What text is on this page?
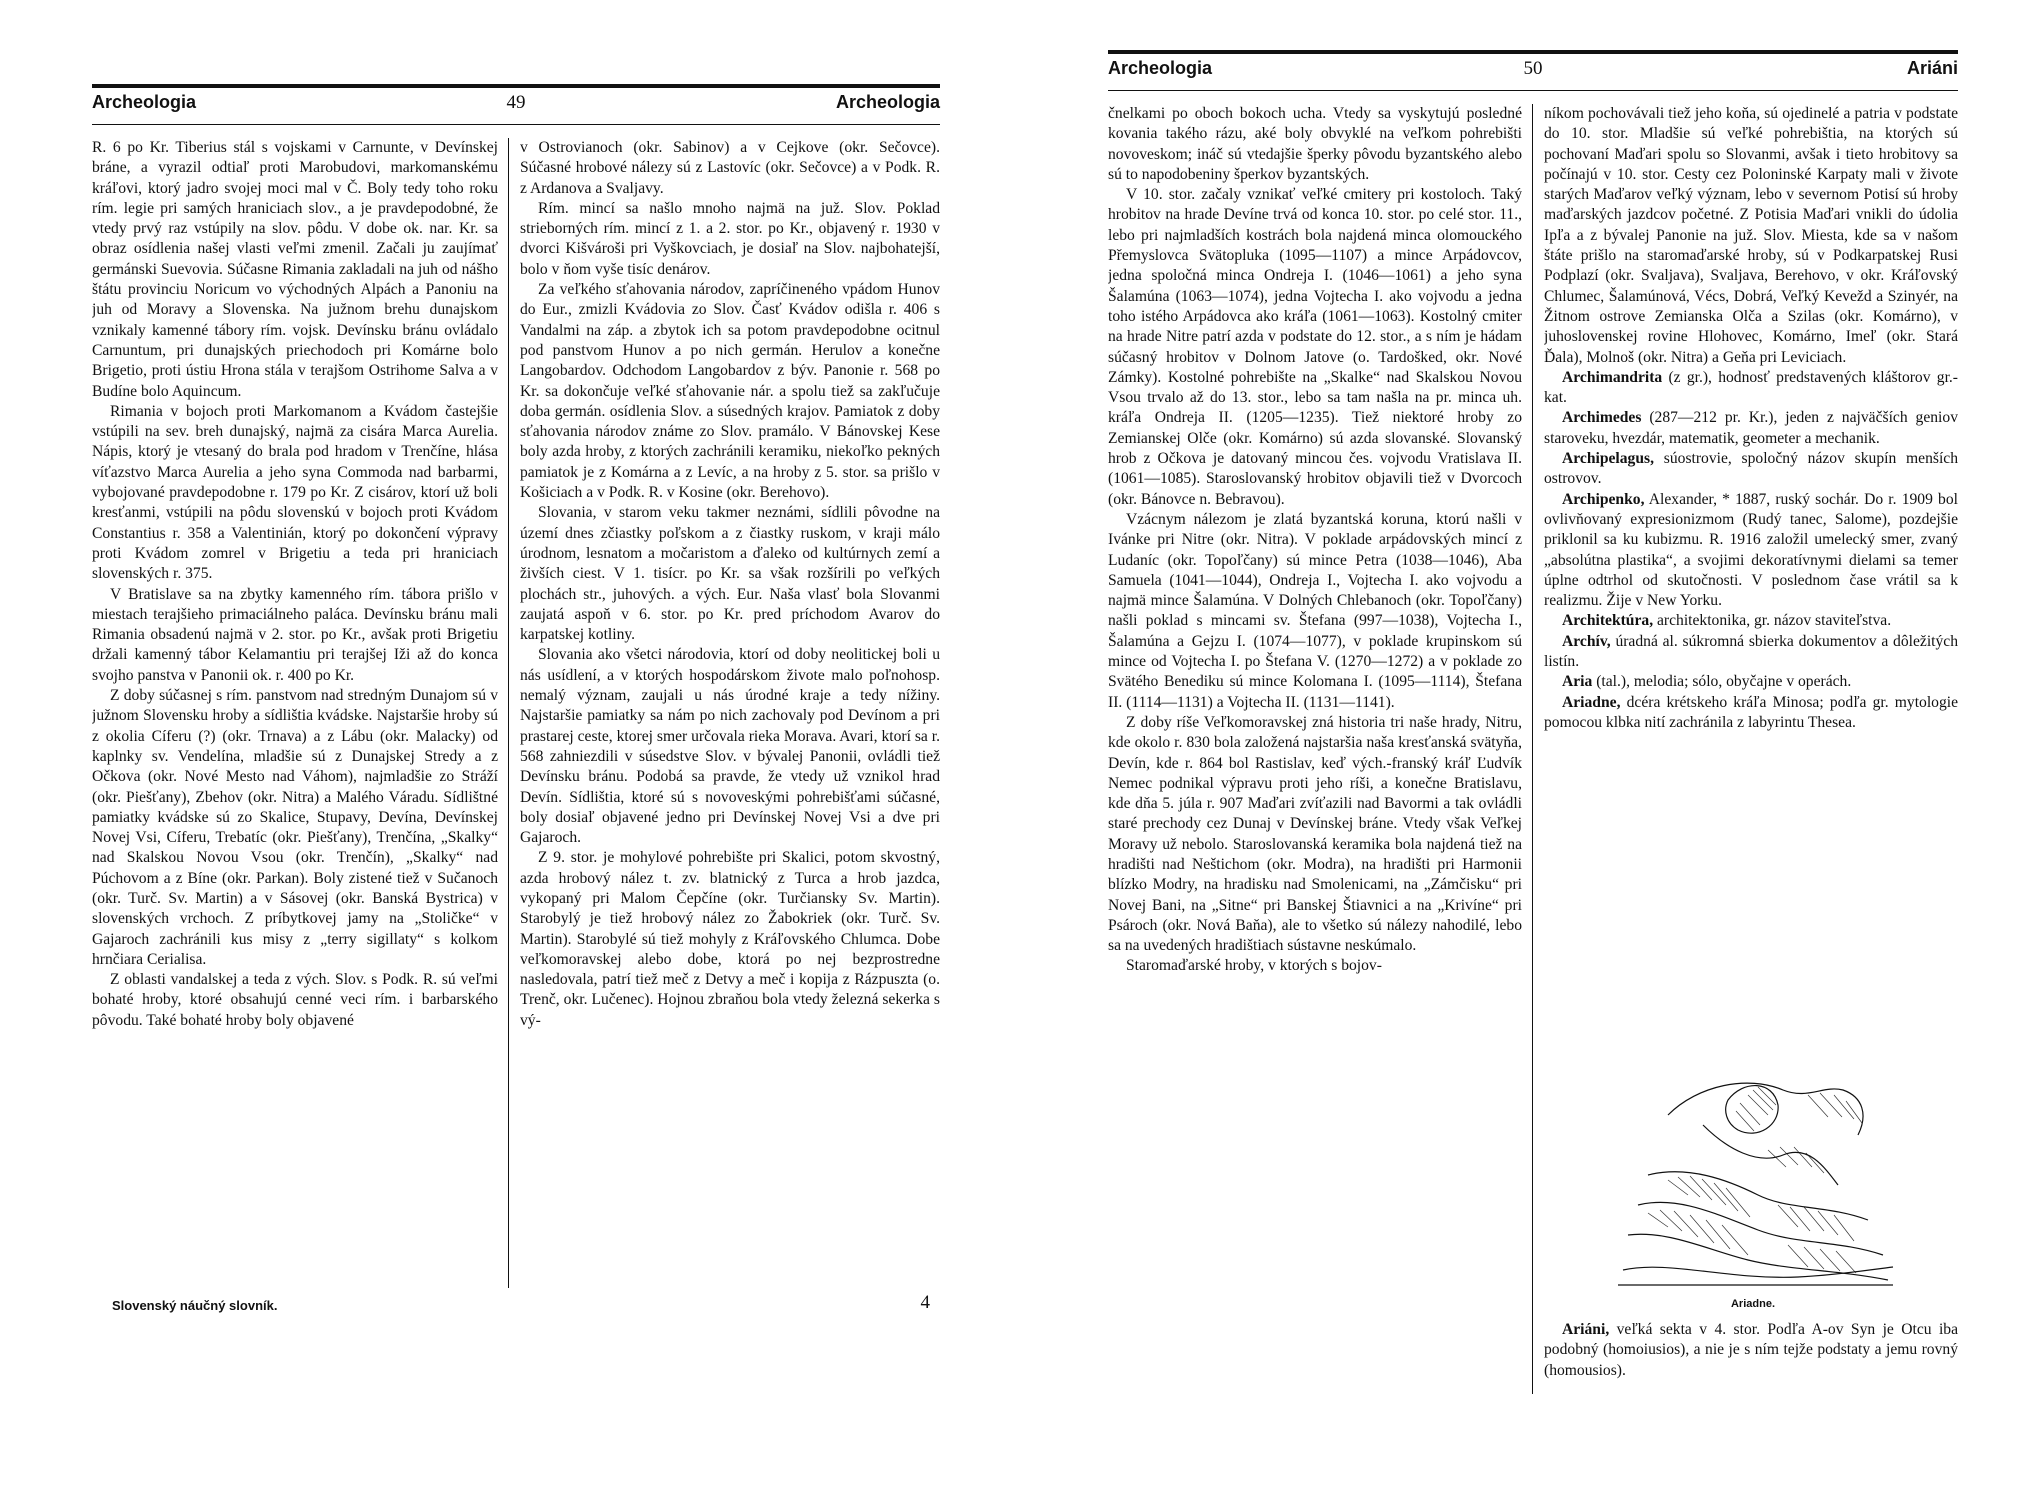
Archeologia	49	Archeologia

R. 6 po Kr. Tiberius stál s vojskami v Carnunte, v Devínskej bráne, a vyrazil odtiaľ proti Marobudovi, markomanskému kráľovi, ktorý jadro svojej moci mal v Č. Boly tedy toho roku rím. legie pri samých hraniciach slov., a je pravdepodobné, že vtedy prvý raz vstúpily na slov. pôdu. V dobe ok. nar. Kr. sa obraz osídlenia našej vlasti veľmi zmenil. Začali ju zaujímať germánski Suevovia. Súčasne Rimania zakladali na juh od nášho štátu provinciu Noricum vo východných Alpách a Panoniu na juh od Moravy a Slovenska. Na južnom brehu dunajskom vznikaly kamenné tábory rím. vojsk. Devínsku bránu ovládalo Carnuntum, pri dunajských priechodoch pri Komárne bolo Brigetio, proti ústiu Hrona stála v terajšom Ostrihome Salva a v Budíne bolo Aquincum.

Rimania v bojoch proti Markomanom a Kvádom častejšie vstúpili na sev. breh dunajský, najmä za cisára Marca Aurelia. Nápis, ktorý je vtesaný do brala pod hradom v Trenčíne, hlása víťazstvo Marca Aurelia a jeho syna Commoda nad barbarmi, vybojované pravdepodobne r. 179 po Kr. Z cisárov, ktorí už boli kresťanmi, vstúpili na pôdu slovenskú v bojoch proti Kvádom Constantius r. 358 a Valentinián, ktorý po dokončení výpravy proti Kvádom zomrel v Brigetiu a teda pri hraniciach slovenských r. 375.

V Bratislave sa na zbytky kamenného rím. tábora prišlo v miestach terajšieho primaciálneho paláca. Devínsku bránu mali Rimania obsadenú najmä v 2. stor. po Kr., avšak proti Brigetiu držali kamenný tábor Kelamantiu pri terajšej Iži až do konca svojho panstva v Panonii ok. r. 400 po Kr.

Z doby súčasnej s rím. panstvom nad stredným Dunajom sú v južnom Slovensku hroby a sídlištia kvádske. Najstaršie hroby sú z okolia Cíferu (?) (okr. Trnava) a z Lábu (okr. Malacky) od kaplnky sv. Vendelína, mladšie sú z Dunajskej Stredy a z Očkova (okr. Nové Mesto nad Váhom), najmladšie zo Stráží (okr. Piešťany), Zbehov (okr. Nitra) a Malého Váradu. Sídlištné pamiatky kvádske sú zo Skalice, Stupavy, Devína, Devínskej Novej Vsi, Cíferu, Trebatíc (okr. Piešťany), Trenčína, „Skalky“ nad Skalskou Novou Vsou (okr. Trenčín), „Skalky“ nad Púchovom a z Bíne (okr. Parkan). Boly zistené tiež v Sučanoch (okr. Turč. Sv. Martin) a v Sásovej (okr. Banská Bystrica) v slovenských vrchoch. Z príbytkovej jamy na „Stoličke“ v Gajaroch zachránili kus misy z „terry sigillaty“ s kolkom hrnčiara Cerialisa.

Z oblasti vandalskej a teda z vých. Slov. s Podk. R. sú veľmi bohaté hroby, ktoré obsahujú cenné veci rím. i barbarského pôvodu. Také bohaté hroby boly objavené

v Ostrovianoch (okr. Sabinov) a v Cejkove (okr. Sečovce). Súčasné hrobové nálezy sú z Lastovíc (okr. Sečovce) a v Podk. R. z Ardanova a Svaljavy.

Rím. mincí sa našlo mnoho najmä na juž. Slov. Poklad strieborných rím. mincí z 1. a 2. stor. po Kr., objavený r. 1930 v dvorci Kišvároši pri Vyškovciach, je dosiaľ na Slov. najbohatejší, bolo v ňom vyše tisíc denárov.

Za veľkého sťahovania národov, zapríčineného vpádom Hunov do Eur., zmizli Kvádovia zo Slov. Časť Kvádov odišla r. 406 s Vandalmi na záp. a zbytok ich sa potom pravdepodobne ocitnul pod panstvom Hunov a po nich germán. Herulov a konečne Langobardov. Odchodom Langobardov z býv. Panonie r. 568 po Kr. sa dokončuje veľké sťahovanie nár. a spolu tiež sa zakľučuje doba germán. osídlenia Slov. a súsedných krajov. Pamiatok z doby sťahovania národov známe zo Slov. pramálo. V Bánovskej Kese boly azda hroby, z ktorých zachránili keramiku, niekoľko pekných pamiatok je z Komárna a z Levíc, a na hroby z 5. stor. sa prišlo v Košiciach a v Podk. R. v Kosine (okr. Berehovo).

Slovania, v starom veku takmer neznámi, sídlili pôvodne na území dnes zčiastky poľskom a z čiastky ruskom, v kraji málo úrodnom, lesnatom a močaristom a ďaleko od kultúrnych zemí a živších ciest. V 1. tisícr. po Kr. sa však rozšírili po veľkých plochách str., juhových. a vých. Eur. Naša vlasť bola Slovanmi zaujatá aspoň v 6. stor. po Kr. pred príchodom Avarov do karpatskej kotliny.

Slovania ako všetci národovia, ktorí od doby neolitickej boli u nás usídlení, a v ktorých hospodárskom živote malo poľnohosp. nemalý význam, zaujali u nás úrodné kraje a tedy nížiny. Najstaršie pamiatky sa nám po nich zachovaly pod Devínom a pri prastarej ceste, ktorej smer určovala rieka Morava. Avari, ktorí sa r. 568 zahniezdili v súsedstve Slov. v bývalej Panonii, ovládli tiež Devínsku bránu. Podobá sa pravde, že vtedy už vznikol hrad Devín. Sídlištia, ktoré sú s novoveskými pohrebišťami súčasné, boly dosiaľ objavené jedno pri Devínskej Novej Vsi a dve pri Gajaroch.

Z 9. stor. je mohylové pohrebište pri Skalici, potom skvostný, azda hrobový nález t. zv. blatnický z Turca a hrob jazdca, vykopaný pri Malom Čepčíne (okr. Turčiansky Sv. Martin). Starobylý je tiež hrobový nález zo Žabokriek (okr. Turč. Sv. Martin). Starobylé sú tiež mohyly z Kráľovského Chlumca. Dobe veľkomoravskej alebo dobe, ktorá po nej bezprostredne nasledovala, patrí tiež meč z Detvy a meč i kopija z Rázpuszta (o. Trenč, okr. Lučenec). Hojnou zbraňou bola vtedy železná sekerka s vý-

Slovenský náučný slovník.	4
Archeologia	50	Ariáni

čnelkami po oboch bokoch ucha. Vtedy sa vyskytujú posledné kovania takého rázu, aké boly obvyklé na veľkom pohrebišti novoveskom; ináč sú vtedajšie šperky pôvodu byzantského alebo sú to napodobeniny šperkov byzantských.

V 10. stor. začaly vznikať veľké cmitery pri kostoloch. Taký hrobitov na hrade Devíne trvá od konca 10. stor. po celé stor. 11., lebo pri najmladších kostrách bola najdená minca olomouckého Přemyslovca Svätopluka (1095—1107) a mince Arpádovcov, jedna spoločná minca Ondreja I. (1046—1061) a jeho syna Šalamúna (1063—1074), jedna Vojtecha I. ako vojvodu a jedna toho istého Arpádovca ako kráľa (1061—1063). Kostolný cmiter na hrade Nitre patrí azda v podstate do 12. stor., a s ním je hádam súčasný hrobitov v Dolnom Jatove (o. Tardošked, okr. Nové Zámky). Kostolné pohrebište na „Skalke“ nad Skalskou Novou Vsou trvalo až do 13. stor., lebo sa tam našla na pr. minca uh. kráľa Ondreja II. (1205—1235). Tiež niektoré hroby zo Zemianskej Olče (okr. Komárno) sú azda slovanské. Slovanský hrob z Očkova je datovaný mincou čes. vojvodu Vratislava II. (1061—1085). Staroslovanský hrobitov objavili tiež v Dvorcoch (okr. Bánovce n. Bebravou).

Vzácnym nálezom je zlatá byzantská koruna, ktorú našli v Ivánke pri Nitre (okr. Nitra). V poklade arpádovských mincí z Ludaníc (okr. Topoľčany) sú mince Petra (1038—1046), Aba Samuela (1041—1044), Ondreja I., Vojtecha I. ako vojvodu a najmä mince Šalamúna. V Dolných Chlebanoch (okr. Topoľčany) našli poklad s mincami sv. Štefana (997—1038), Vojtecha I., Šalamúna a Gejzu I. (1074—1077), v poklade krupinskom sú mince od Vojtecha I. po Štefana V. (1270—1272) a v poklade zo Svätého Benediku sú mince Kolomana I. (1095—1114), Štefana II. (1114—1131) a Vojtecha II. (1131—1141).

Z doby ríše Veľkomoravskej zná historia tri naše hrady, Nitru, kde okolo r. 830 bola založená najstaršia naša kresťanská svätyňa, Devín, kde r. 864 bol Rastislav, keď vých.-franský kráľ Ľudvík Nemec podnikal výpravu proti jeho ríši, a konečne Bratislavu, kde dňa 5. júla r. 907 Maďari zvíťazili nad Bavormi a tak ovládli staré prechody cez Dunaj v Devínskej bráne. Vtedy však Veľkej Moravy už nebolo. Staroslovanská keramika bola najdená tiež na hradišti nad Neštichom (okr. Modra), na hradišti pri Harmonii blízko Modry, na hradisku nad Smolenicami, na „Zámčisku“ pri Novej Bani, na „Sitne“ pri Banskej Štiavnici a na „Krivíne“ pri Psároch (okr. Nová Baňa), ale to všetko sú nálezy nahodilé, lebo sa na uvedených hradištiach sústavne neskúmalo.

Staromaďarské hroby, v ktorých s bojov-

níkom pochovávali tiež jeho koňa, sú ojedinelé a patria v podstate do 10. stor. Mladšie sú veľké pohrebištia, na ktorých sú pochovaní Maďari spolu so Slovanmi, avšak i tieto hrobitovy sa počínajú v 10. stor. Cesty cez Poloninské Karpaty mali v živote starých Maďarov veľký význam, lebo v severnom Potisí sú hroby maďarských jazdcov početné. Z Potisia Maďari vnikli do údolia Ipľa a z bývalej Panonie na juž. Slov. Miesta, kde sa v našom štáte prišlo na staromaďarské hroby, sú v Podkarpatskej Rusi Podplazí (okr. Svaljava), Svaljava, Berehovo, v okr. Kráľovský Chlumec, Šalamúnová, Vécs, Dobrá, Veľký Kevežd a Szinyér, na Žitnom ostrove Zemianska Olča a Szilas (okr. Komárno), v juhoslovenskej rovine Hlohovec, Komárno, Imeľ (okr. Stará Ďala), Molnoš (okr. Nitra) a Geňa pri Leviciach.

Archimandrita (z gr.), hodnosť predstavených kláštorov gr.-kat.

Archimedes (287—212 pr. Kr.), jeden z najväčších geniov staroveku, hvezdár, matematik, geometer a mechanik.

Archipelagus, súostrovie, spoločný názov skupín menších ostrovov.

Archipenko, Alexander, * 1887, ruský sochár. Do r. 1909 bol ovlivňovaný expresionizmom (Rudý tanec, Salome), pozdejšie priklonil sa ku kubizmu. R. 1916 založil umelecký smer, zvaný „absolútna plastika“, a svojimi dekoratívnymi dielami sa temer úplne odtrhol od skutočnosti. V poslednom čase vrátil sa k realizmu. Žije v New Yorku.

Architektúra, architektonika, gr. názov staviteľstva.

Archív, úradná al. súkromná sbierka dokumentov a dôležitých listín.

Aria (tal.), melodia; sólo, obyčajne v operách.

Ariadne, dcéra krétskeho kráľa Minosa; podľa gr. mytologie pomocou klbka nití zachránila z labyrintu Thesea.

Ariadne.

Ariáni, veľká sekta v 4. stor. Podľa A-ov Syn je Otcu iba podobný (homoiusios), a nie je s ním tejže podstaty a jemu rovný (homousios).
